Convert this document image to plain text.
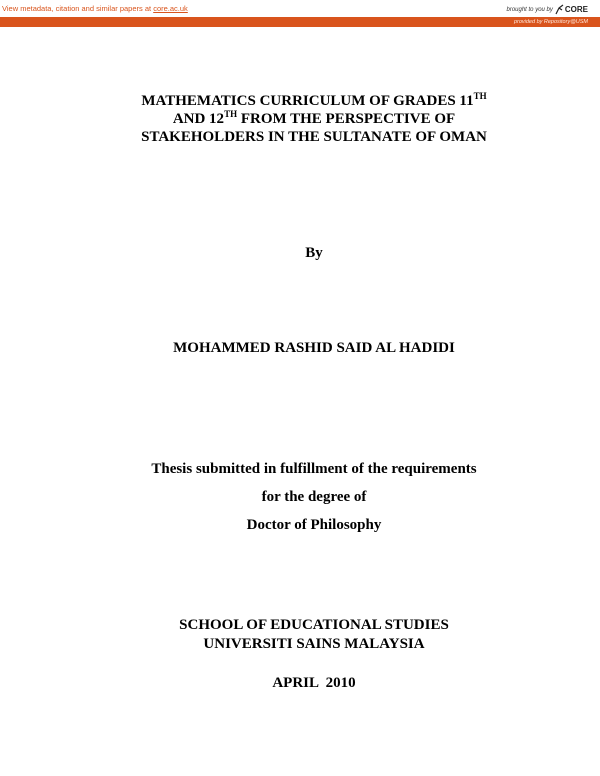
View metadata, citation and similar papers at core.ac.uk	brought to you by CORE
provided by Repository@USM
MATHEMATICS CURRICULUM OF GRADES 11TH
AND 12TH FROM THE PERSPECTIVE OF
STAKEHOLDERS IN THE SULTANATE OF OMAN
By
MOHAMMED RASHID SAID AL HADIDI
Thesis submitted in fulfillment of the requirements
for the degree of
Doctor of Philosophy
SCHOOL OF EDUCATIONAL STUDIES
UNIVERSITI SAINS MALAYSIA
APRIL  2010
